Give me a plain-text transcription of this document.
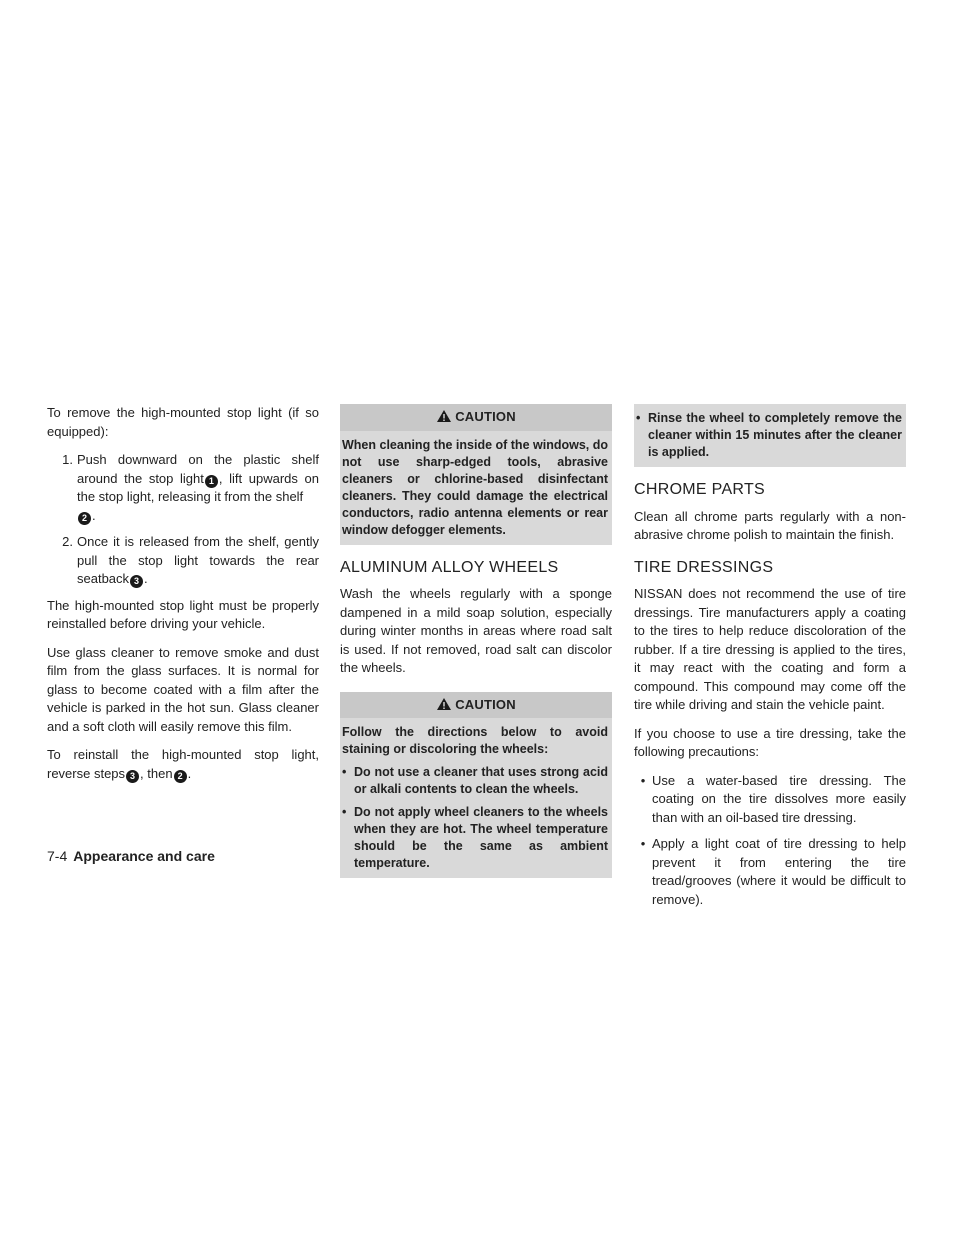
To remove the high-mounted stop light (if so equipped):

1. Push downward on the plastic shelf around the stop light 1 , lift upwards on the stop light, releasing it from the shelf
2 .
2. Once it is released from the shelf, gently pull the stop light towards the rear seatback 3 .

The high-mounted stop light must be properly reinstalled before driving your vehicle.

Use glass cleaner to remove smoke and dust film from the glass surfaces. It is normal for glass to become coated with a film after the vehicle is parked in the hot sun. Glass cleaner and a soft cloth will easily remove this film.

To reinstall the high-mounted stop light, reverse steps 3 , then 2 .

CAUTION

When cleaning the inside of the windows, do not use sharp-edged tools, abrasive cleaners or chlorine-based disinfectant cleaners. They could damage the electrical conductors, radio antenna elements or rear window defogger elements.

ALUMINUM ALLOY WHEELS

Wash the wheels regularly with a sponge dampened in a mild soap solution, especially during winter months in areas where road salt is used. If not removed, road salt can discolor the wheels.

CAUTION

Follow the directions below to avoid staining or discoloring the wheels:

• Do not use a cleaner that uses strong acid or alkali contents to clean the wheels.
• Do not apply wheel cleaners to the wheels when they are hot. The wheel temperature should be the same as ambient temperature.
• Rinse the wheel to completely remove the cleaner within 15 minutes after the cleaner is applied.
CHROME PARTS

Clean all chrome parts regularly with a non-abrasive chrome polish to maintain the finish.

TIRE DRESSINGS

NISSAN does not recommend the use of tire dressings. Tire manufacturers apply a coating to the tires to help reduce discoloration of the rubber. If a tire dressing is applied to the tires, it may react with the coating and form a compound. This compound may come off the tire while driving and stain the vehicle paint.

If you choose to use a tire dressing, take the following precautions:

• Use a water-based tire dressing. The coating on the tire dissolves more easily than with an oil-based tire dressing.
• Apply a light coat of tire dressing to help prevent it from entering the tire tread/grooves (where it would be difficult to remove).
7-4 Appearance and care
